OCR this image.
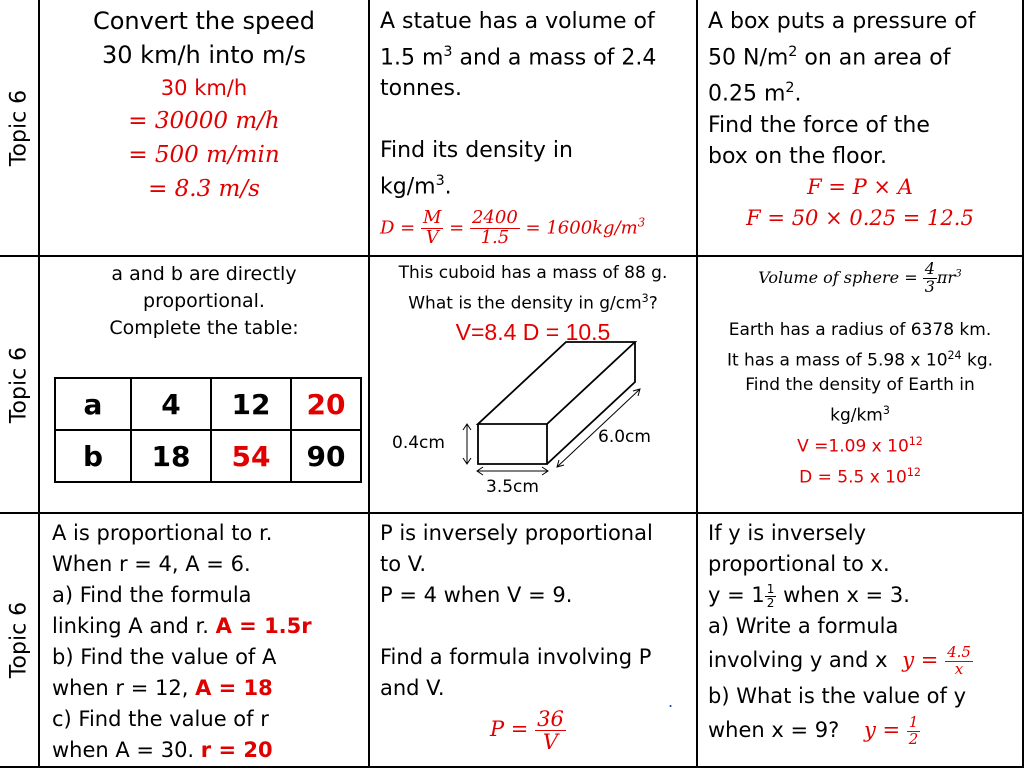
Topic 6
Topic 6
Topic 6

Convert the speed

30 km/h into m/s

30 km/h

= 30000 m/h

= 500 m/min

= 8.3 m/s

A statue has a volume of

1.5 $m^3$ and a mass of 2.4

tonnes.

Find its density in

$kg/m^3$.

$D = \frac{M}{V} = \frac{2400}{1.5} = 1600kg/m^3$

A box puts a pressure of

50 $N/m^2$ on an area of

0.25 $m^2$.

Find the force of the

box on the floor.

F = P × A

F = 50 × 0.25 = 12.5

a and b are directly

proportional.

Complete the table:

a	4	12	20
b	18	54	90

This cuboid has a mass of 88 g.

What is the density in $g/cm^3$?

V=8.4 D = 10.5

0.4cm	6.0cm
3.5cm

Volume of sphere = $\frac{4}{3} \pi r^3$

Earth has a radius of 6378 km.

It has a mass of 5.98 x $10^{24}$ kg.

Find the density of Earth in

$kg/km^3$

V =1.09 x $10^{12}$

D = 5.5 x $10^{12}$

A is proportional to r.

When r = 4, A = 6.

a) Find the formula

linking A and r. A = 1.5r

b) Find the value of A

when r = 12, A = 18

c) Find the value of r

when A = 30. r = 20

P is inversely proportional

to V.

P = 4 when V = 9.

Find a formula involving P

and V.

$P = \frac{36}{V}$

.

If y is inversely

proportional to x.

$y = 1 \frac{1}{2}$ when x = 3.

a) Write a formula

involving y and x $y = \frac{4.5}{x}$

b) What is the value of y

when x = 9? $y = \frac{1}{2}$
